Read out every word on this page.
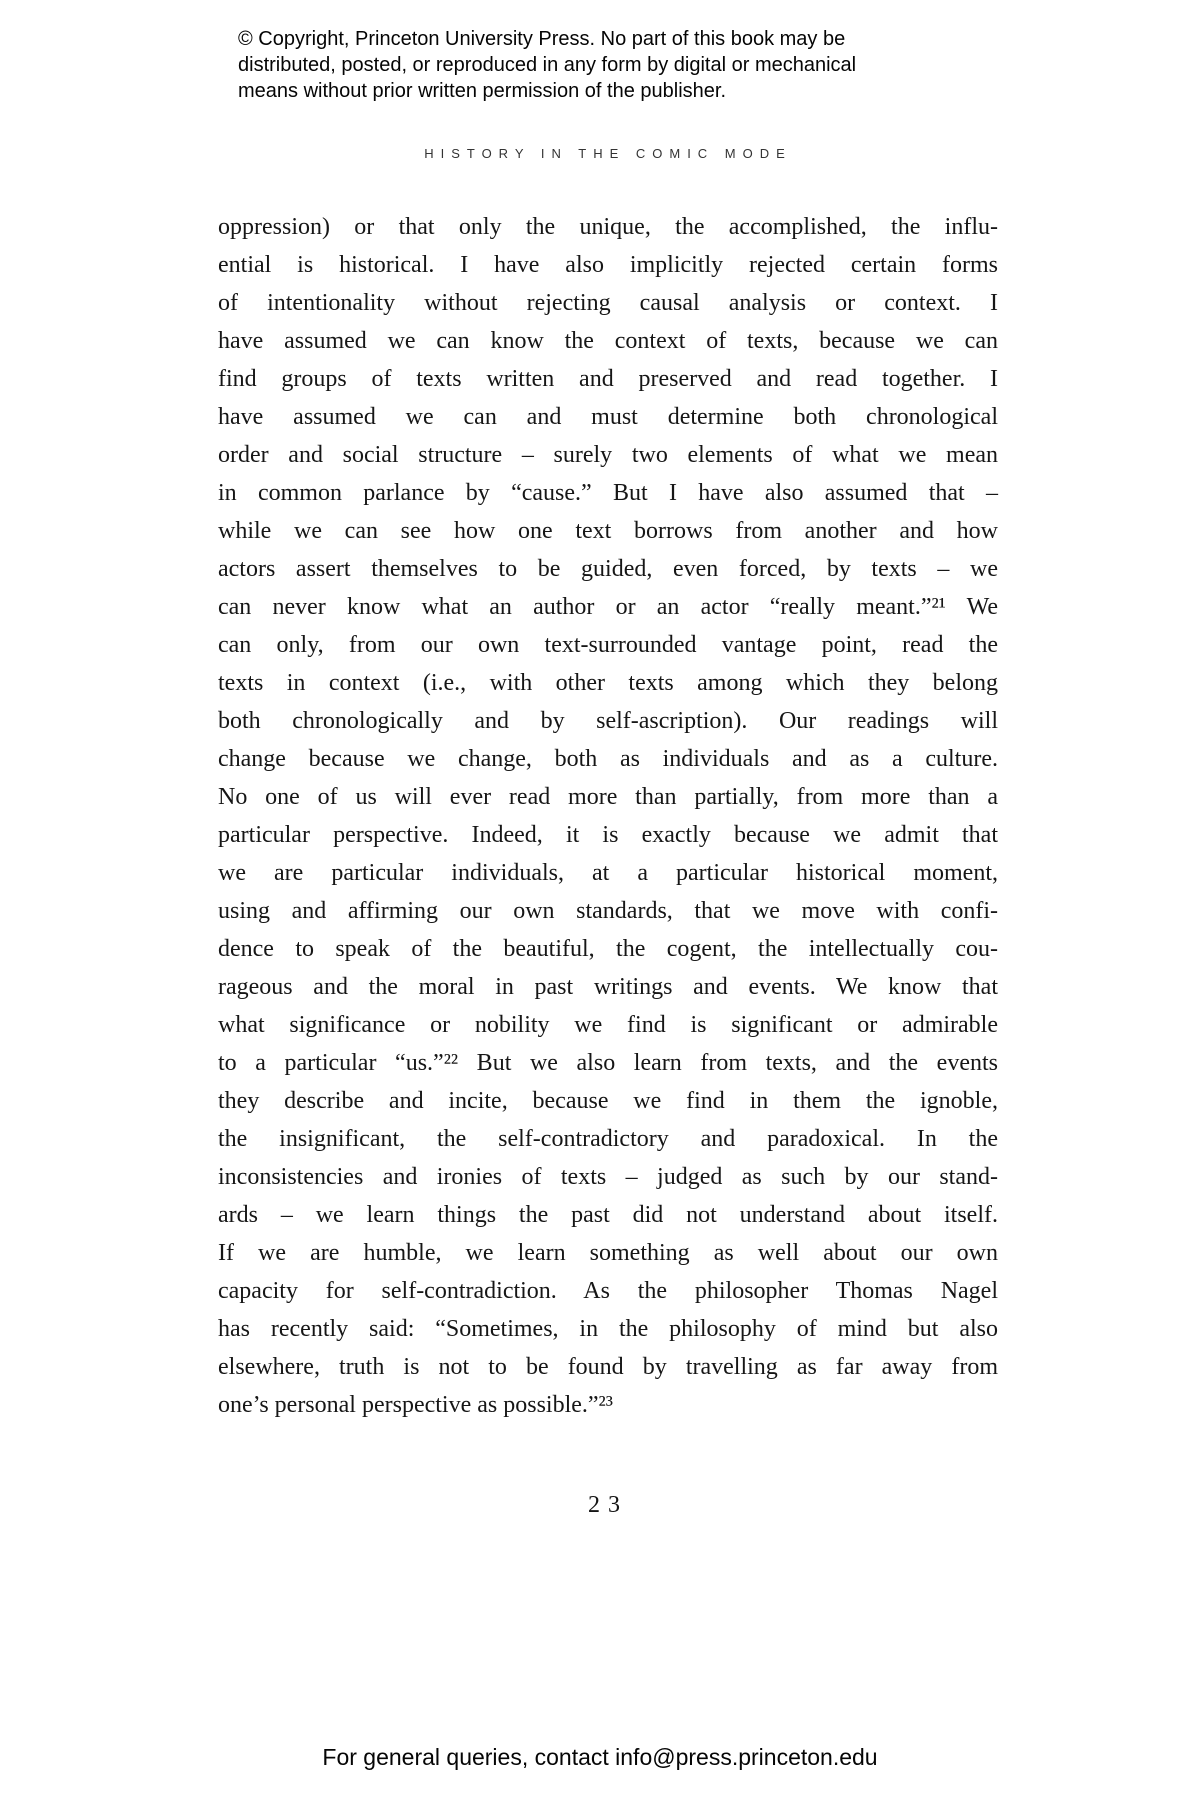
© Copyright, Princeton University Press. No part of this book may be
distributed, posted, or reproduced in any form by digital or mechanical
means without prior written permission of the publisher.
HISTORY IN THE COMIC MODE
oppression) or that only the unique, the accomplished, the influ-
ential is historical. I have also implicitly rejected certain forms
of intentionality without rejecting causal analysis or context. I
have assumed we can know the context of texts, because we can
find groups of texts written and preserved and read together. I
have assumed we can and must determine both chronological
order and social structure – surely two elements of what we mean
in common parlance by “cause.” But I have also assumed that –
while we can see how one text borrows from another and how
actors assert themselves to be guided, even forced, by texts – we
can never know what an author or an actor “really meant.”²¹ We
can only, from our own text-surrounded vantage point, read the
texts in context (i.e., with other texts among which they belong
both chronologically and by self-ascription). Our readings will
change because we change, both as individuals and as a culture.
No one of us will ever read more than partially, from more than a
particular perspective. Indeed, it is exactly because we admit that
we are particular individuals, at a particular historical moment,
using and affirming our own standards, that we move with confi-
dence to speak of the beautiful, the cogent, the intellectually cou-
rageous and the moral in past writings and events. We know that
what significance or nobility we find is significant or admirable
to a particular “us.”²² But we also learn from texts, and the events
they describe and incite, because we find in them the ignoble,
the insignificant, the self-contradictory and paradoxical. In the
inconsistencies and ironies of texts – judged as such by our stand-
ards – we learn things the past did not understand about itself.
If we are humble, we learn something as well about our own
capacity for self-contradiction. As the philosopher Thomas Nagel
has recently said: “Sometimes, in the philosophy of mind but also
elsewhere, truth is not to be found by travelling as far away from
one’s personal perspective as possible.”²³
23
For general queries, contact info@press.princeton.edu
